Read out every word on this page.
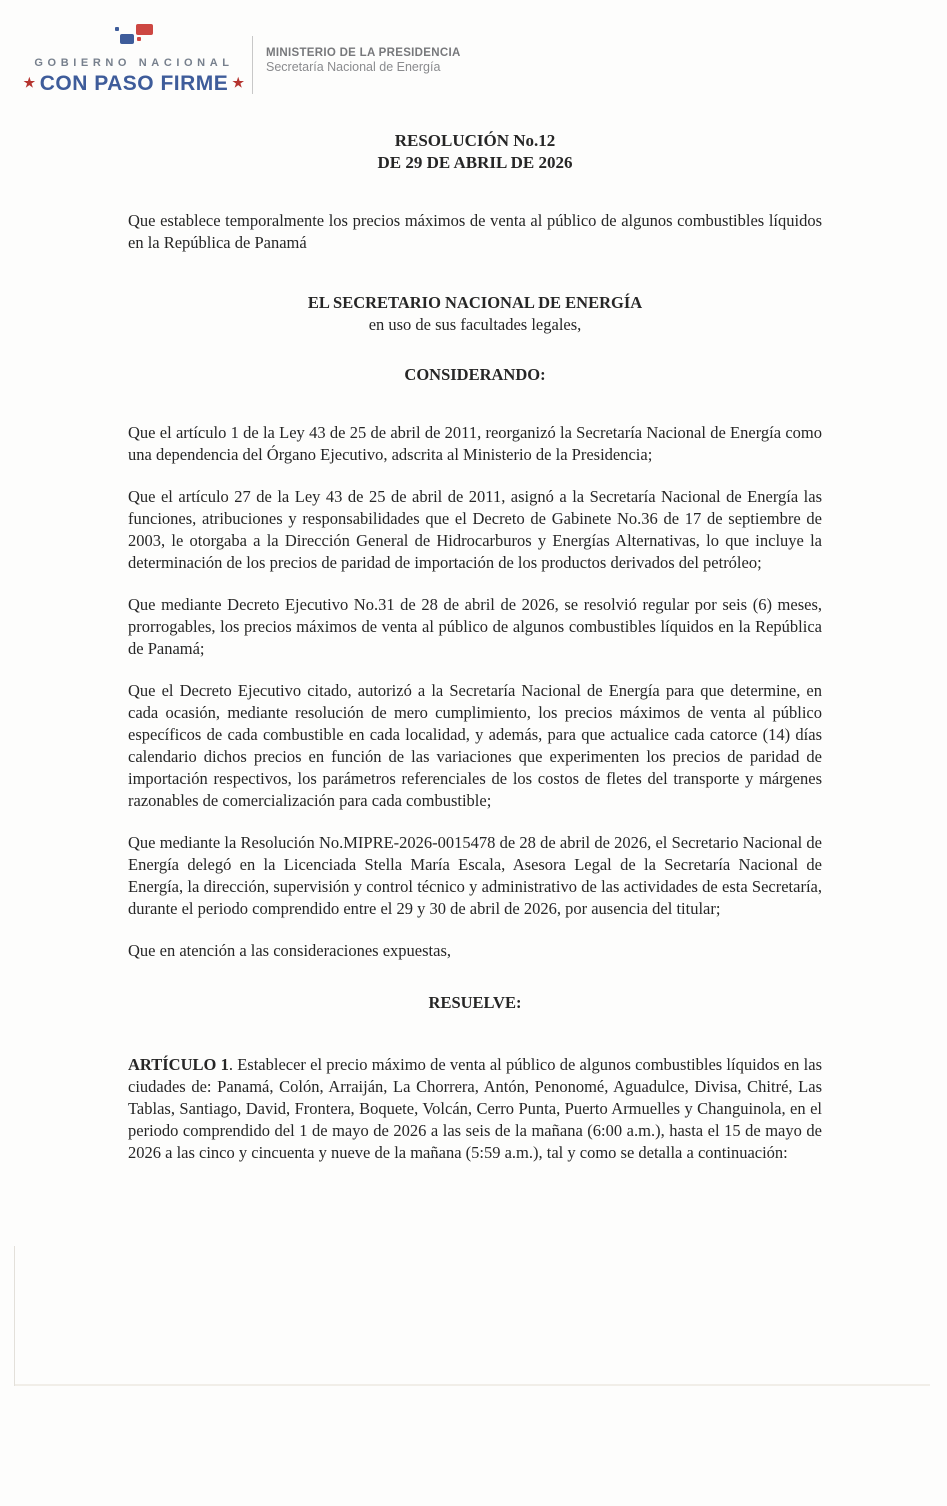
GOBIERNO NACIONAL
★ CON PASO FIRME ★
MINISTERIO DE LA PRESIDENCIA
Secretaría Nacional de Energía
RESOLUCIÓN No.12
DE 29 DE ABRIL DE 2026

Que establece temporalmente los precios máximos de venta al público de algunos combustibles líquidos en la República de Panamá

EL SECRETARIO NACIONAL DE ENERGÍA

en uso de sus facultades legales,

CONSIDERANDO:

Que el artículo 1 de la Ley 43 de 25 de abril de 2011, reorganizó la Secretaría Nacional de Energía como una dependencia del Órgano Ejecutivo, adscrita al Ministerio de la Presidencia;

Que el artículo 27 de la Ley 43 de 25 de abril de 2011, asignó a la Secretaría Nacional de Energía las funciones, atribuciones y responsabilidades que el Decreto de Gabinete No.36 de 17 de septiembre de 2003, le otorgaba a la Dirección General de Hidrocarburos y Energías Alternativas, lo que incluye la determinación de los precios de paridad de importación de los productos derivados del petróleo;

Que mediante Decreto Ejecutivo No.31 de 28 de abril de 2026, se resolvió regular por seis (6) meses, prorrogables, los precios máximos de venta al público de algunos combustibles líquidos en la República de Panamá;

Que el Decreto Ejecutivo citado, autorizó a la Secretaría Nacional de Energía para que determine, en cada ocasión, mediante resolución de mero cumplimiento, los precios máximos de venta al público específicos de cada combustible en cada localidad, y además, para que actualice cada catorce (14) días calendario dichos precios en función de las variaciones que experimenten los precios de paridad de importación respectivos, los parámetros referenciales de los costos de fletes del transporte y márgenes razonables de comercialización para cada combustible;

Que mediante la Resolución No.MIPRE-2026-0015478 de 28 de abril de 2026, el Secretario Nacional de Energía delegó en la Licenciada Stella María Escala, Asesora Legal de la Secretaría Nacional de Energía, la dirección, supervisión y control técnico y administrativo de las actividades de esta Secretaría, durante el periodo comprendido entre el 29 y 30 de abril de 2026, por ausencia del titular;

Que en atención a las consideraciones expuestas,

RESUELVE:

ARTÍCULO 1. Establecer el precio máximo de venta al público de algunos combustibles líquidos en las ciudades de: Panamá, Colón, Arraiján, La Chorrera, Antón, Penonomé, Aguadulce, Divisa, Chitré, Las Tablas, Santiago, David, Frontera, Boquete, Volcán, Cerro Punta, Puerto Armuelles y Changuinola, en el periodo comprendido del 1 de mayo de 2026 a las seis de la mañana (6:00 a.m.), hasta el 15 de mayo de 2026 a las cinco y cincuenta y nueve de la mañana (5:59 a.m.), tal y como se detalla a continuación:
